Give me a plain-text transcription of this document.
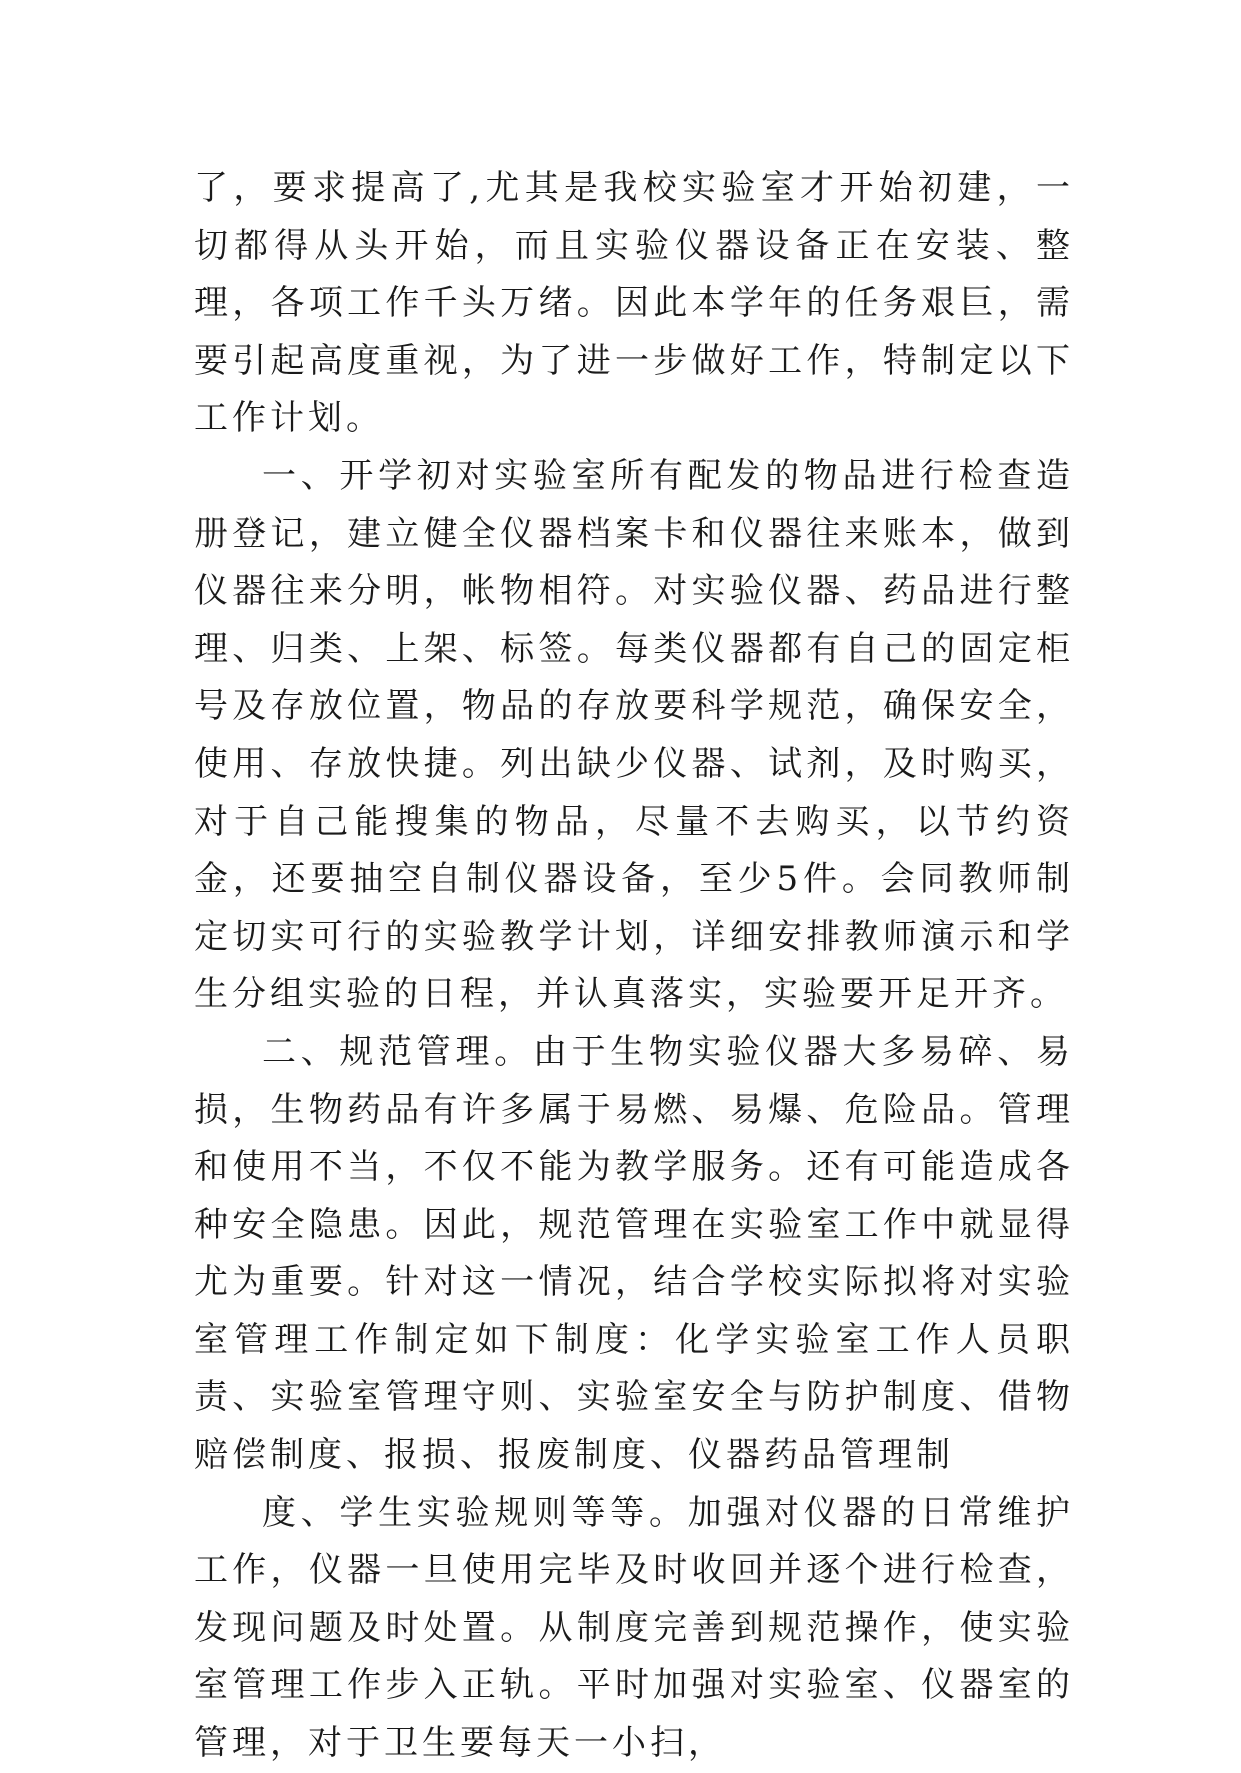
了，要求提高了,尤其是我校实验室才开始初建，一切都得从头开始，而且实验仪器设备正在安装、整理，各项工作千头万绪。因此本学年的任务艰巨，需要引起高度重视，为了进一步做好工作，特制定以下工作计划。

一、开学初对实验室所有配发的物品进行检查造册登记，建立健全仪器档案卡和仪器往来账本，做到仪器往来分明，帐物相符。对实验仪器、药品进行整理、归类、上架、标签。每类仪器都有自己的固定柜号及存放位置，物品的存放要科学规范，确保安全，使用、存放快捷。列出缺少仪器、试剂，及时购买，对于自己能搜集的物品，尽量不去购买，以节约资金，还要抽空自制仪器设备，至少5件。会同教师制定切实可行的实验教学计划，详细安排教师演示和学生分组实验的日程，并认真落实，实验要开足开齐。

二、规范管理。由于生物实验仪器大多易碎、易损，生物药品有许多属于易燃、易爆、危险品。管理和使用不当，不仅不能为教学服务。还有可能造成各种安全隐患。因此，规范管理在实验室工作中就显得尤为重要。针对这一情况，结合学校实际拟将对实验室管理工作制定如下制度：化学实验室工作人员职责、实验室管理守则、实验室安全与防护制度、借物赔偿制度、报损、报废制度、仪器药品管理制

度、学生实验规则等等。加强对仪器的日常维护工作，仪器一旦使用完毕及时收回并逐个进行检查，发现问题及时处置。从制度完善到规范操作，使实验室管理工作步入正轨。平时加强对实验室、仪器室的管理，对于卫生要每天一小扫，
